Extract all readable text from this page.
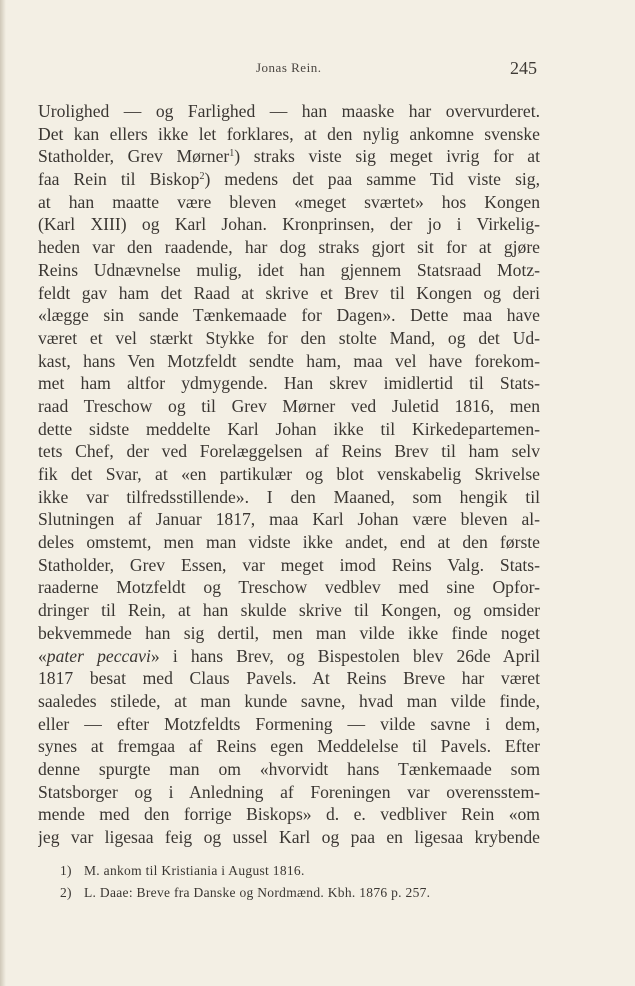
Jonas Rein.	245
Urolighed — og Farlighed — han maaske har overvurderet.
Det kan ellers ikke let forklares, at den nylig ankomne svenske
Statholder, Grev Mørner$^1$) straks viste sig meget ivrig for at
faa Rein til Biskop$^2$) medens det paa samme Tid viste sig,
at han maatte være bleven «meget sværtet» hos Kongen
(Karl XIII) og Karl Johan. Kronprinsen, der jo i Virkelig-
heden var den raadende, har dog straks gjort sit for at gjøre
Reins Udnævnelse mulig, idet han gjennem Statsraad Motz-
feldt gav ham det Raad at skrive et Brev til Kongen og deri
«lægge sin sande Tænkemaade for Dagen». Dette maa have
været et vel stærkt Stykke for den stolte Mand, og det Ud-
kast, hans Ven Motzfeldt sendte ham, maa vel have forekom-
met ham altfor ydmygende. Han skrev imidlertid til Stats-
raad Treschow og til Grev Mørner ved Juletid 1816, men
dette sidste meddelte Karl Johan ikke til Kirkedepartemen-
tets Chef, der ved Forelæggelsen af Reins Brev til ham selv
fik det Svar, at «en partikulær og blot venskabelig Skrivelse
ikke var tilfredsstillende». I den Maaned, som hengik til
Slutningen af Januar 1817, maa Karl Johan være bleven al-
deles omstemt, men man vidste ikke andet, end at den første
Statholder, Grev Essen, var meget imod Reins Valg. Stats-
raaderne Motzfeldt og Treschow vedblev med sine Opfor-
dringer til Rein, at han skulde skrive til Kongen, og omsider
bekvemmede han sig dertil, men man vilde ikke finde noget
«pater peccavi» i hans Brev, og Bispestolen blev 26de April
1817 besat med Claus Pavels. At Reins Breve har været
saaledes stilede, at man kunde savne, hvad man vilde finde,
eller — efter Motzfeldts Formening — vilde savne i dem,
synes at fremgaa af Reins egen Meddelelse til Pavels. Efter
denne spurgte man om «hvorvidt hans Tænkemaade som
Statsborger og i Anledning af Foreningen var overensstem-
mende med den forrige Biskops» d. e. vedbliver Rein «om
jeg var ligesaa feig og ussel Karl og paa en ligesaa krybende
1) M. ankom til Kristiania i August 1816.
2) L. Daae: Breve fra Danske og Nordmænd. Kbh. 1876 p. 257.
